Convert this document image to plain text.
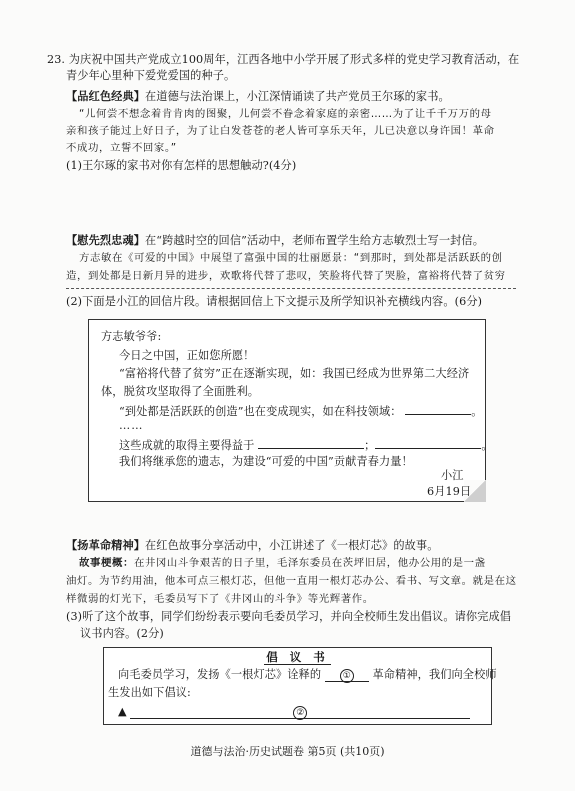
23. 为庆祝中国共产党成立100周年，江西各地中小学开展了形式多样的党史学习教育活动，在
青少年心里种下爱党爱国的种子。
【品红色经典】在道德与法治课上，小江深情诵读了共产党员王尔琢的家书。
“儿何尝不想念着肯肯肉的图聚，儿何尝不眷念着家庭的亲密……为了让千千万万的母
亲和孩子能过上好日子，为了让白发苍苍的老人皆可享乐天年，儿已决意以身许国！革命
不成功，立誓不回家。”
(1)王尔琢的家书对你有怎样的思想触动?(4分)
【慰先烈忠魂】在“跨越时空的回信”活动中，老师布置学生给方志敏烈士写一封信。
方志敏在《可爱的中国》中展望了富强中国的壮丽愿景：“到那时，到处都是活跃跃的创
造，到处都是日新月异的进步，欢歌将代替了悲叹，笑脸将代替了哭脸，富裕将代替了贫穷
(2)下面是小江的回信片段。请根据回信上下文提示及所学知识补充横线内容。(6分)
方志敏爷爷:
今日之中国，正如您所愿！
“富裕将代替了贫穷”正在逐渐实现，如：我国已经成为世界第二大经济
体，脱贫攻坚取得了全面胜利。
“到处都是活跃跃的创造”也在变成现实，如在科技领域：	。
……
这些成就的取得主要得益于	；	。
我们将继承您的遗志，为建设“可爱的中国”贡献青春力量！
小江
6月19日
【扬革命精神】在红色故事分享活动中，小江讲述了《一根灯芯》的故事。
故事梗概：在井冈山斗争艰苦的日子里，毛泽东委员在茨坪旧居，他办公用的是一盏
油灯。为节约用油，他本可点三根灯芯，但他一直用一根灯芯办公、看书、写文章。就是在这
样微弱的灯光下，毛委员写下了《井冈山的斗争》等光辉著作。
(3)听了这个故事，同学们纷纷表示要向毛委员学习，并向全校师生发出倡议。请你完成倡
议书内容。(2分)
倡 议 书
向毛委员学习，发扬《一根灯芯》诠释的 ① 革命精神，我们向全校师
生发出如下倡议:
▲	②
道德与法治·历史试题卷 第5页 (共10页)
